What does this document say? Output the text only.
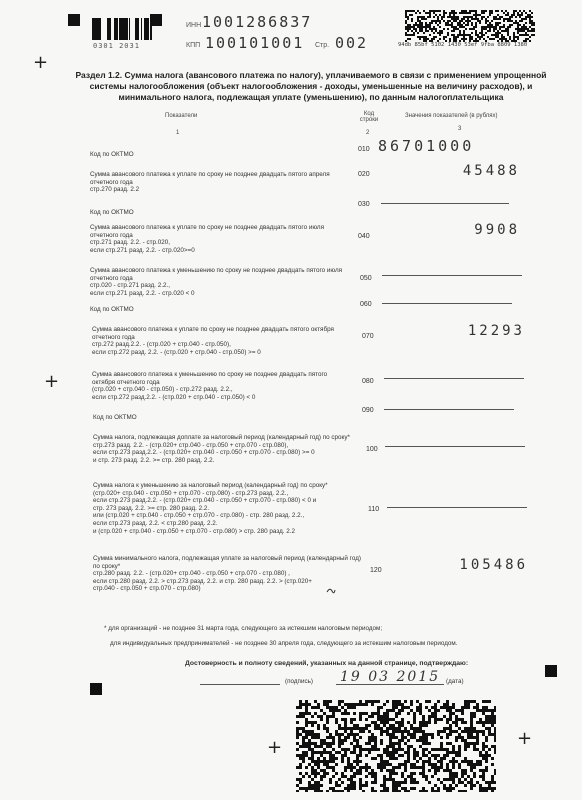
+
+
+	+
0301 2031
ИНН 1001286837
КПП 100101001 Стр. 002	94db 85bf 5102 1430 53ef 9fba 8809 1380
Раздел 1.2. Сумма налога (авансового платежа по налогу), уплачиваемого в связи с применением упрощенной системы налогообложения (объект налогообложения - доходы, уменьшенные на величину расходов), и минимального налога, подлежащая уплате (уменьшению), по данным налогоплательщика
Показатели	Код строки
Значения показателей (в рублях)
1	2
3
Код по ОКТМО
010 86701000
Сумма авансового платежа к уплате по сроку не позднее двадцать пятого апреля отчетного года
стр.270 разд. 2.2
020	45488
Код по ОКТМО
030
Сумма авансового платежа к уплате по сроку не позднее двадцать пятого июля отчетного года
стр.271 разд. 2.2. - стр.020,
если стр.271 разд. 2.2. - стр.020>=0
040	9908
Сумма авансового платежа к уменьшению по сроку не позднее двадцать пятого июля отчетного года
стр.020 - стр.271 разд. 2.2.,
если стр.271 разд. 2.2. - стр.020 < 0
050
Код по ОКТМО
060
Сумма авансового платежа к уплате по сроку не позднее двадцать пятого октября отчетного года
стр.272 разд.2.2. - (стр.020 + стр.040 - стр.050),
если стр.272 разд. 2.2. - (стр.020 + стр.040 - стр.050) >= 0
070	12293
Сумма авансового платежа к уменьшению по сроку не позднее двадцать пятого октября отчетного года
(стр.020 + стр.040 - стр.050) - стр.272 разд. 2.2.,
если стр.272 разд.2.2. - (стр.020 + стр.040 - стр.050) < 0
080
Код по ОКТМО
090
Сумма налога, подлежащая доплате за налоговый период (календарный год) по сроку*
стр.273 разд. 2.2. - (стр.020+ стр.040 - стр.050 + стр.070 - стр.080),
если стр.273 разд.2.2. - (стр.020+ стр.040 - стр.050 + стр.070 - стр.080) >= 0
и стр. 273 разд. 2.2. >= стр. 280 разд. 2.2.
100
Сумма налога к уменьшению за налоговый период (календарный год) по сроку*
(стр.020+ стр.040 - стр.050 + стр.070 - стр.080) - стр.273 разд. 2.2.,
если стр.273 разд.2.2. - (стр.020+ стр.040 - стр.050 + стр.070 - стр.080) < 0 и
стр. 273 разд. 2.2. >= стр. 280 разд. 2.2.
или (стр.020 + стр.040 - стр.050 + стр.070 - стр.080) - стр. 280 разд. 2.2.,
если стр.273 разд. 2.2. < стр.280 разд. 2.2.
и (стр.020 + стр.040 - стр.050 + стр.070 - стр.080) > стр. 280 разд. 2.2
110
Сумма минимального налога, подлежащая уплате за налоговый период (календарный год) по сроку*
стр.280 разд. 2.2. - (стр.020+ стр.040 - стр.050 + стр.070 - стр.080) ,
если стр.280 разд. 2.2. > стр.273 разд. 2.2. и стр. 280 разд. 2.2. > (стр.020+
стр.040 - стр.050 + стр.070 - стр.080)
120	105486
* для организаций - не позднее 31 марта года, следующего за истекшим налоговым периодом;
для индивидуальных предпринимателей - не позднее 30 апреля года, следующего за истекшим налоговым периодом.
Достоверность и полноту сведений, указанных на данной странице, подтверждаю:
(подпись) 19 03 2015 (дата)
